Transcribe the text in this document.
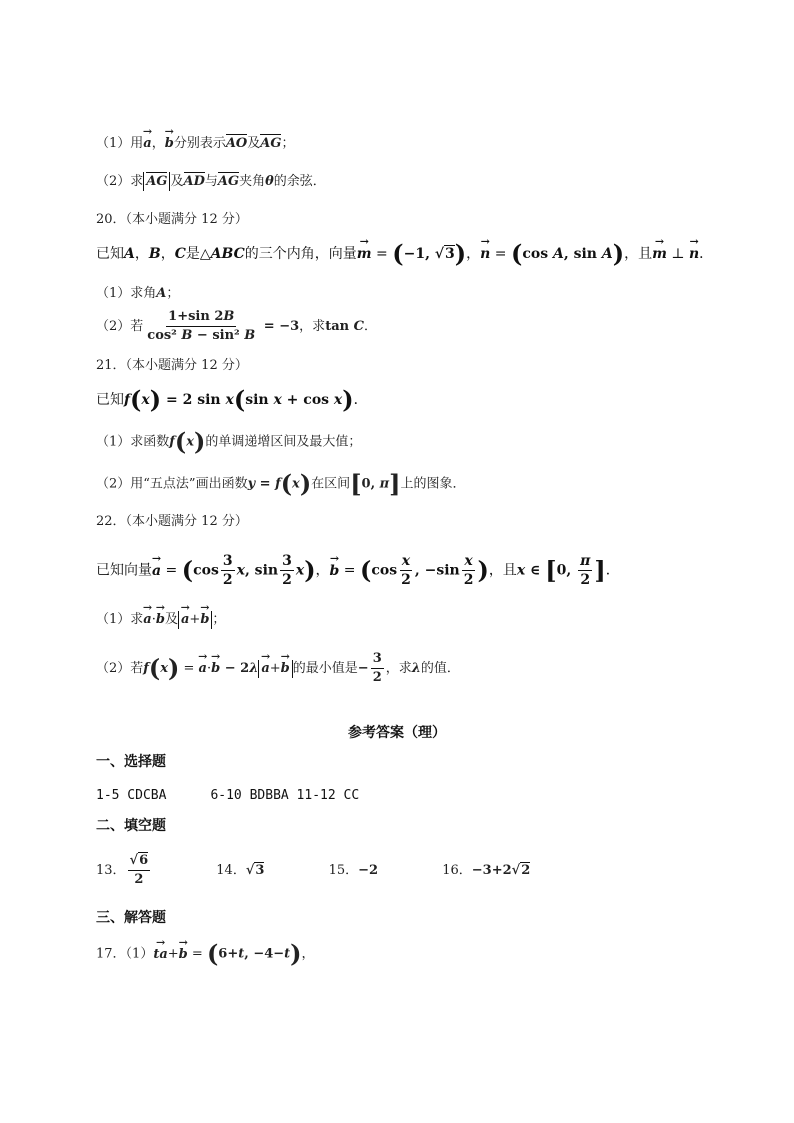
（1）用→ a，→ b分别表示AO及AG；
（2）求 AG 及AD与AG夹角θ的余弦．
20．（本小题满分 12 分）
已知A，B，C是△ABC的三个内角，向量→ m = (−1, √3)，→ n = (cos A, sin A)，且→ m ⊥ → n．
（1）求角A；
（2）若 $\frac{1+\sin 2B}{\text{cos² B − sin² B}} = -3$，求tan C．
21．（本小题满分 12 分）
已知f(x) = 2 sin x(sin x + cos x)．
（1）求函数f(x)的单调递增区间及最大值；
（2）用“五点法”画出函数y = f(x)在区间[0, π]上的图象．
22．（本小题满分 12 分）
已知向量→ $a = (\cos \frac{3}{2} x$, $\sin \frac{3}{2} x$)，→ $b = (\cos \frac{x}{2}$ , $-\sin \frac{x}{2}$ )，且x ∈ [0, $\frac{\pi}{2}$ ]．
（1）求→ a·→ b及 → a+→ b ；
（2）若f(x) = → a·→ b − 2λ → a+→ b 的最小值是− $\frac{3}{2}$ ，求λ的值．
参考答案（理）
一、选择题
1-5 CDCBA	6-10 BDBBA 11-12 CC
二、填空题
13． $\frac{√6}{2}$	14．√3	15．−2	16．−3+2√2
三、解答题
17．（1）→ ta+→ b = (6+t, −4−t)，
